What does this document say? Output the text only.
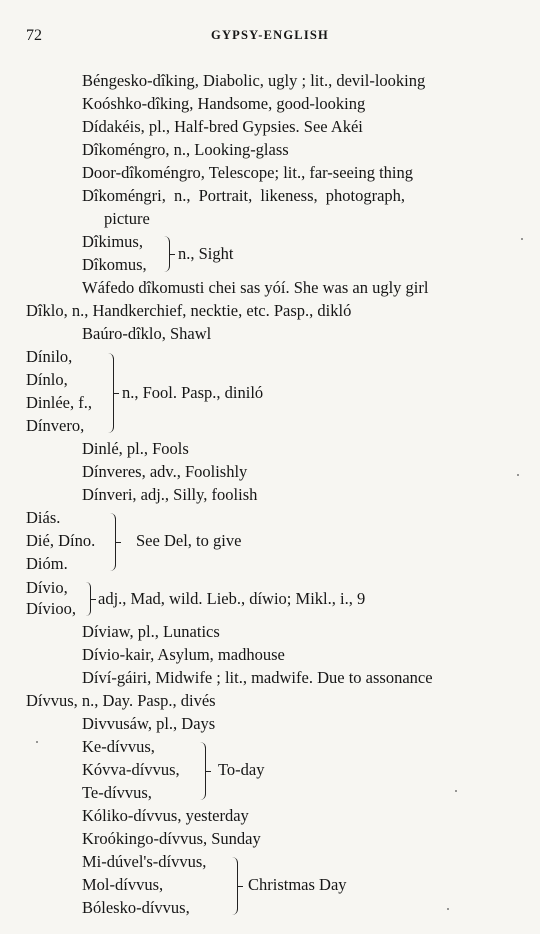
72	GYPSY-ENGLISH
Béngesko-dîking, Diabolic, ugly ; lit., devil-looking
Koóshko-dîking, Handsome, good-looking
Dídakéis, pl., Half-bred Gypsies. See Akéi
Dîkoméngro, n., Looking-glass
Door-dîkoméngro, Telescope; lit., far-seeing thing
Dîkoméngri, n., Portrait, likeness, photograph,
picture
Dîkimus,
Dîkomus,
n., Sight
Wáfedo dîkomusti chei sas yóí. She was an ugly girl
Dîklo, n., Handkerchief, necktie, etc. Pasp., dikló
Baúro-dîklo, Shawl
Dínilo,
Dínlo,
Dinlée, f.,
Dínvero,
n., Fool. Pasp., diniló
Dinlé, pl., Fools
Dínveres, adv., Foolishly
Dínveri, adj., Silly, foolish
Diás.
Dié, Díno.
Dióm.
See Del, to give
Dívio,
Dívioo,
adj., Mad, wild. Lieb., díwio; Mikl., i., 9
Díviaw, pl., Lunatics
Dívio-kair, Asylum, madhouse
Díví-gáiri, Midwife ; lit., madwife. Due to assonance
Dívvus, n., Day. Pasp., divés
Divvusáw, pl., Days
Ke-dívvus,
Kóvva-dívvus,
Te-dívvus,
To-day
Kóliko-dívvus, yesterday
Kroókingo-dívvus, Sunday
Mi-dúvel's-dívvus,
Mol-dívvus,
Bólesko-dívvus,
Christmas Day
